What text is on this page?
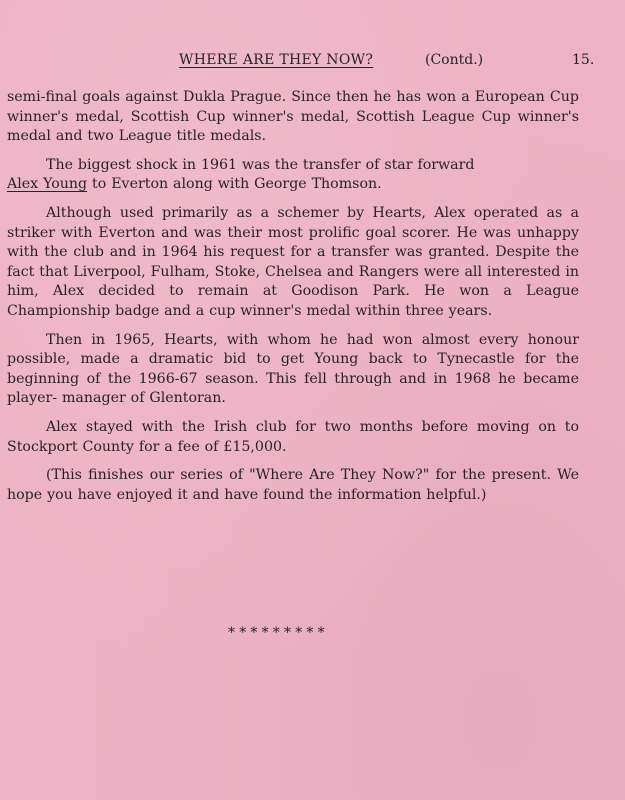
WHERE ARE THEY NOW?	(Contd.)	15.

semi-final goals against Dukla Prague. Since then he has won a European Cup winner's medal, Scottish Cup winner's medal, Scottish League Cup winner's medal and two League title medals.

The biggest shock in 1961 was the transfer of star forward
Alex Young to Everton along with George Thomson.

Although used primarily as a schemer by Hearts, Alex operated as a striker with Everton and was their most prolific goal scorer. He was unhappy with the club and in 1964 his request for a transfer was granted. Despite the fact that Liverpool, Fulham, Stoke, Chelsea and Rangers were all interested in him, Alex decided to remain at Goodison Park. He won a League Championship badge and a cup winner's medal within three years.

Then in 1965, Hearts, with whom he had won almost every honour possible, made a dramatic bid to get Young back to Tynecastle for the beginning of the 1966-67 season. This fell through and in 1968 he became player- manager of Glentoran.

Alex stayed with the Irish club for two months before moving on to Stockport County for a fee of £15,000.

(This finishes our series of "Where Are They Now?" for the present. We hope you have enjoyed it and have found the information helpful.)

*********
